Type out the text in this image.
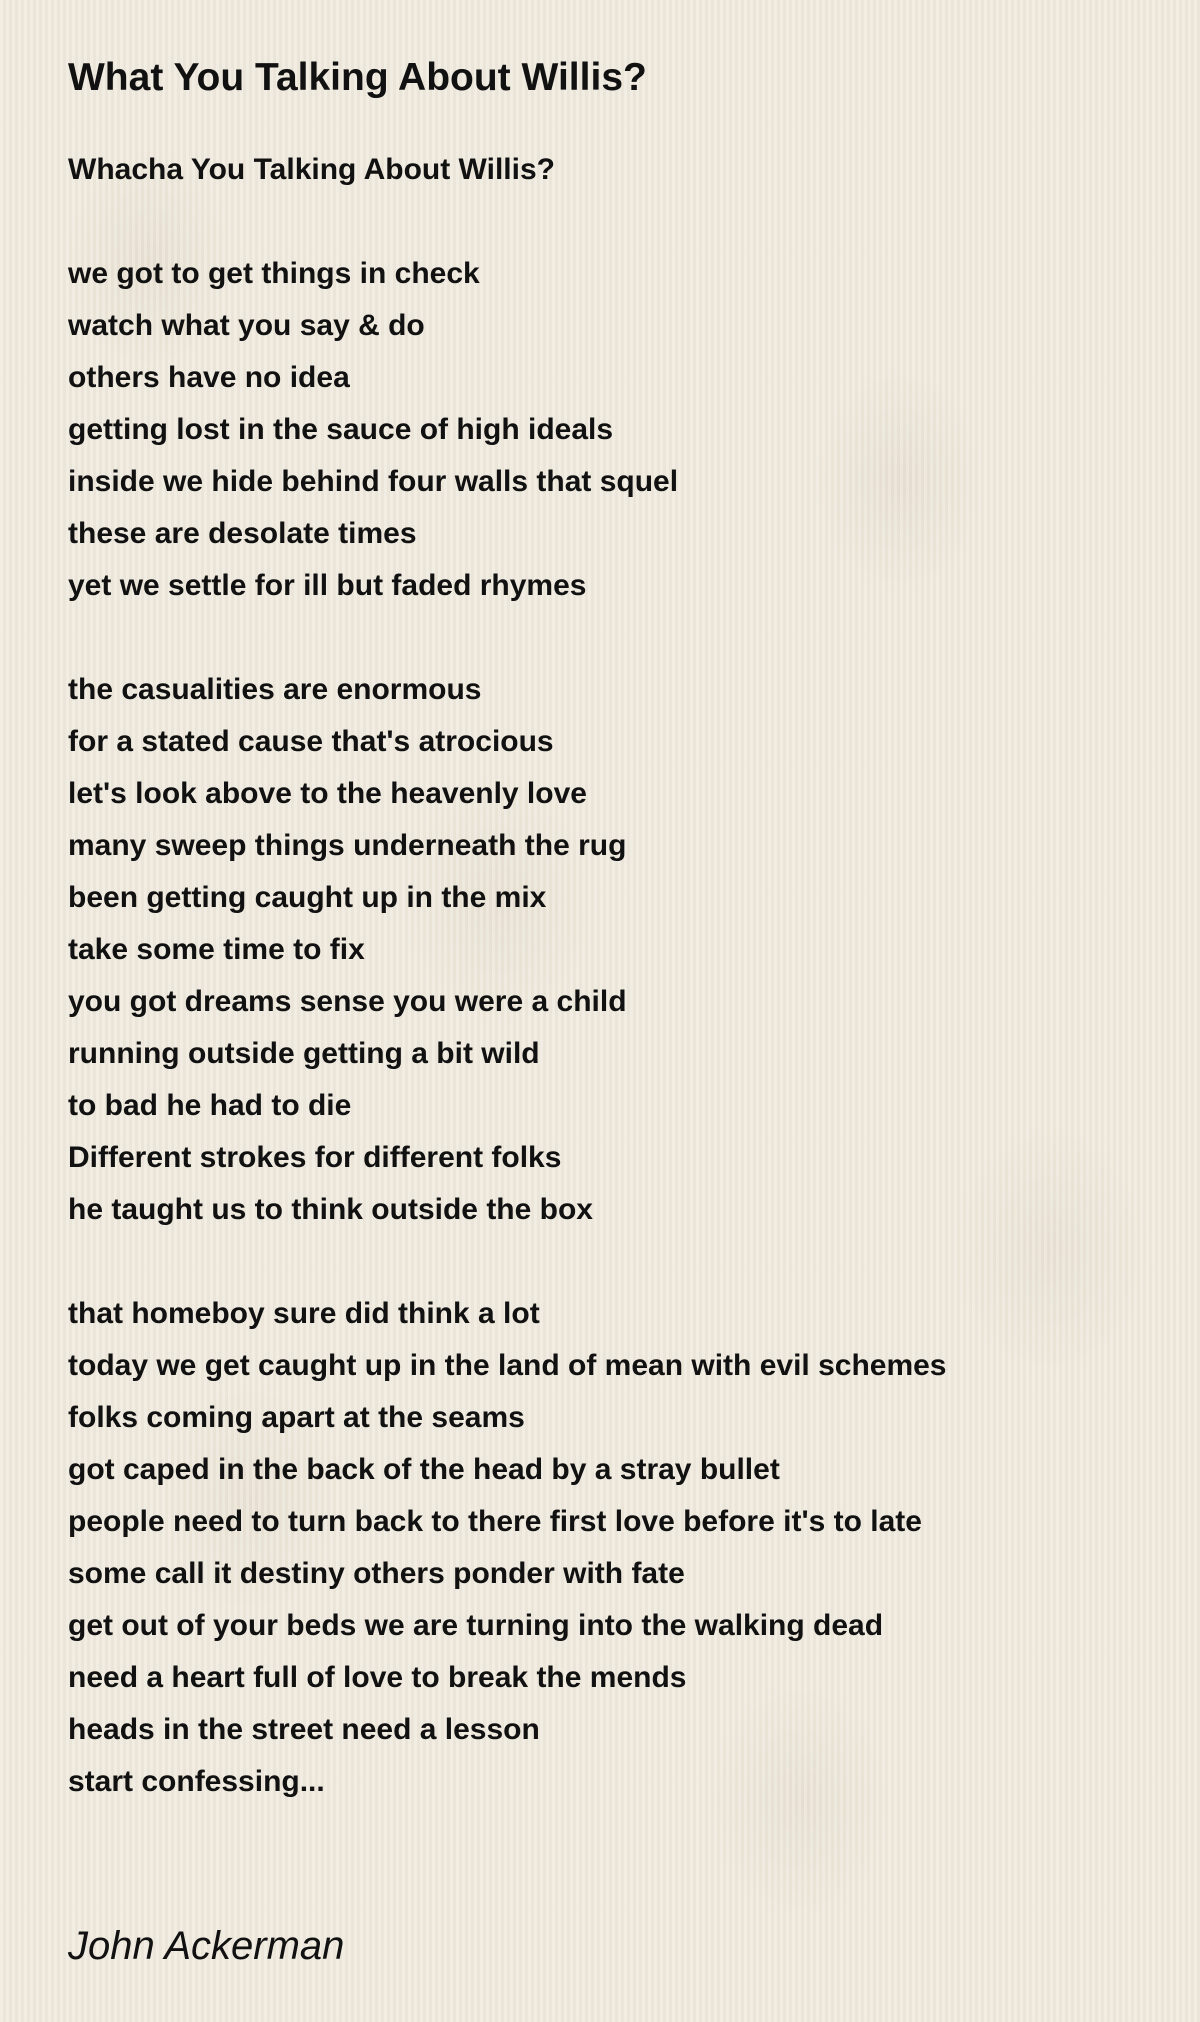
What You Talking About Willis?
Whacha You Talking About Willis?
we got to get things in check
watch what you say & do
others have no idea
getting lost in the sauce of high ideals
inside we hide behind four walls that squel
these are desolate times
yet we settle for ill but faded rhymes
the casualities are enormous
for a stated cause that's atrocious
let's look above to the heavenly love
many sweep things underneath the rug
been getting caught up in the mix
take some time to fix
you got dreams sense you were a child
running outside getting a bit wild
to bad he had to die
Different strokes for different folks
he taught us to think outside the box
that homeboy sure did think a lot
today we get caught up in the land of mean with evil schemes
folks coming apart at the seams
got caped in the back of the head by a stray bullet
people need to turn back to there first love before it's to late
some call it destiny others ponder with fate
get out of your beds we are turning into the walking dead
need a heart full of love to break the mends
heads in the street need a lesson
start confessing...
John Ackerman
